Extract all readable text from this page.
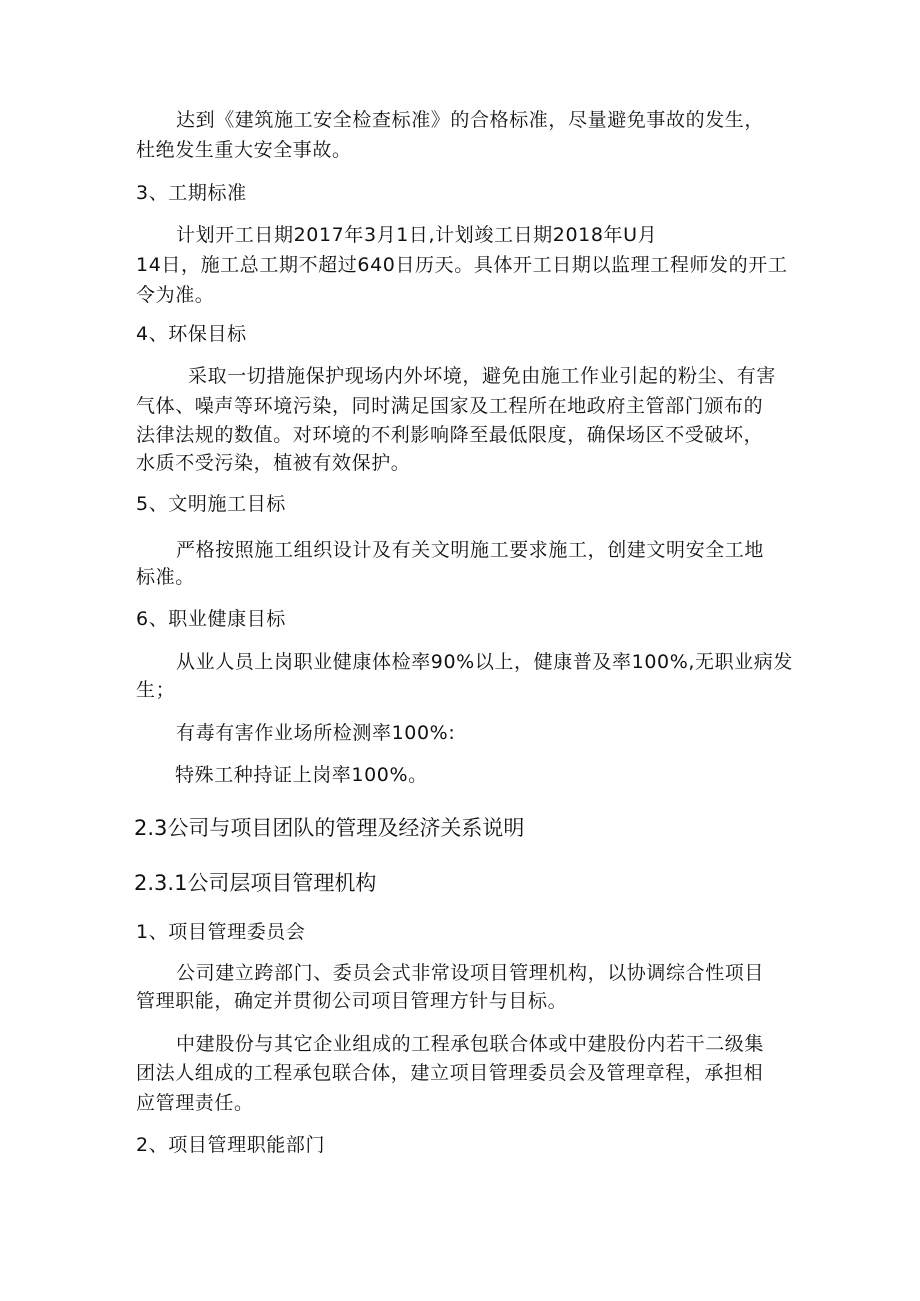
达到《建筑施工安全检查标准》的合格标准，尽量避免事故的发生，
杜绝发生重大安全事故。
3、工期标准
计划开工日期2017年3月1日,计划竣工日期2018年U月
14日，施工总工期不超过640日历天。具体开工日期以监理工程师发的开工
令为准。
4、环保目标
采取一切措施保护现场内外坏境，避免由施工作业引起的粉尘、有害
气体、噪声等环境污染，同时满足国家及工程所在地政府主管部门颁布的
法律法规的数值。对环境的不利影响降至最低限度，确保场区不受破坏，
水质不受污染，植被有效保护。
5、文明施工目标
严格按照施工组织设计及有关文明施工要求施工，创建文明安全工地
标准。
6、职业健康目标
从业人员上岗职业健康体检率90%以上，健康普及率100%,无职业病发
生；
有毒有害作业场所检测率100%:
特殊工种持证上岗率100%。
2.3公司与项目团队的管理及经济关系说明
2.3.1公司层项目管理机构
1、项目管理委员会
公司建立跨部门、委员会式非常设项目管理机构，以协调综合性项目
管理职能，确定并贯彻公司项目管理方针与目标。
中建股份与其它企业组成的工程承包联合体或中建股份内若干二级集
团法人组成的工程承包联合体，建立项目管理委员会及管理章程，承担相
应管理责任。
2、项目管理职能部门
